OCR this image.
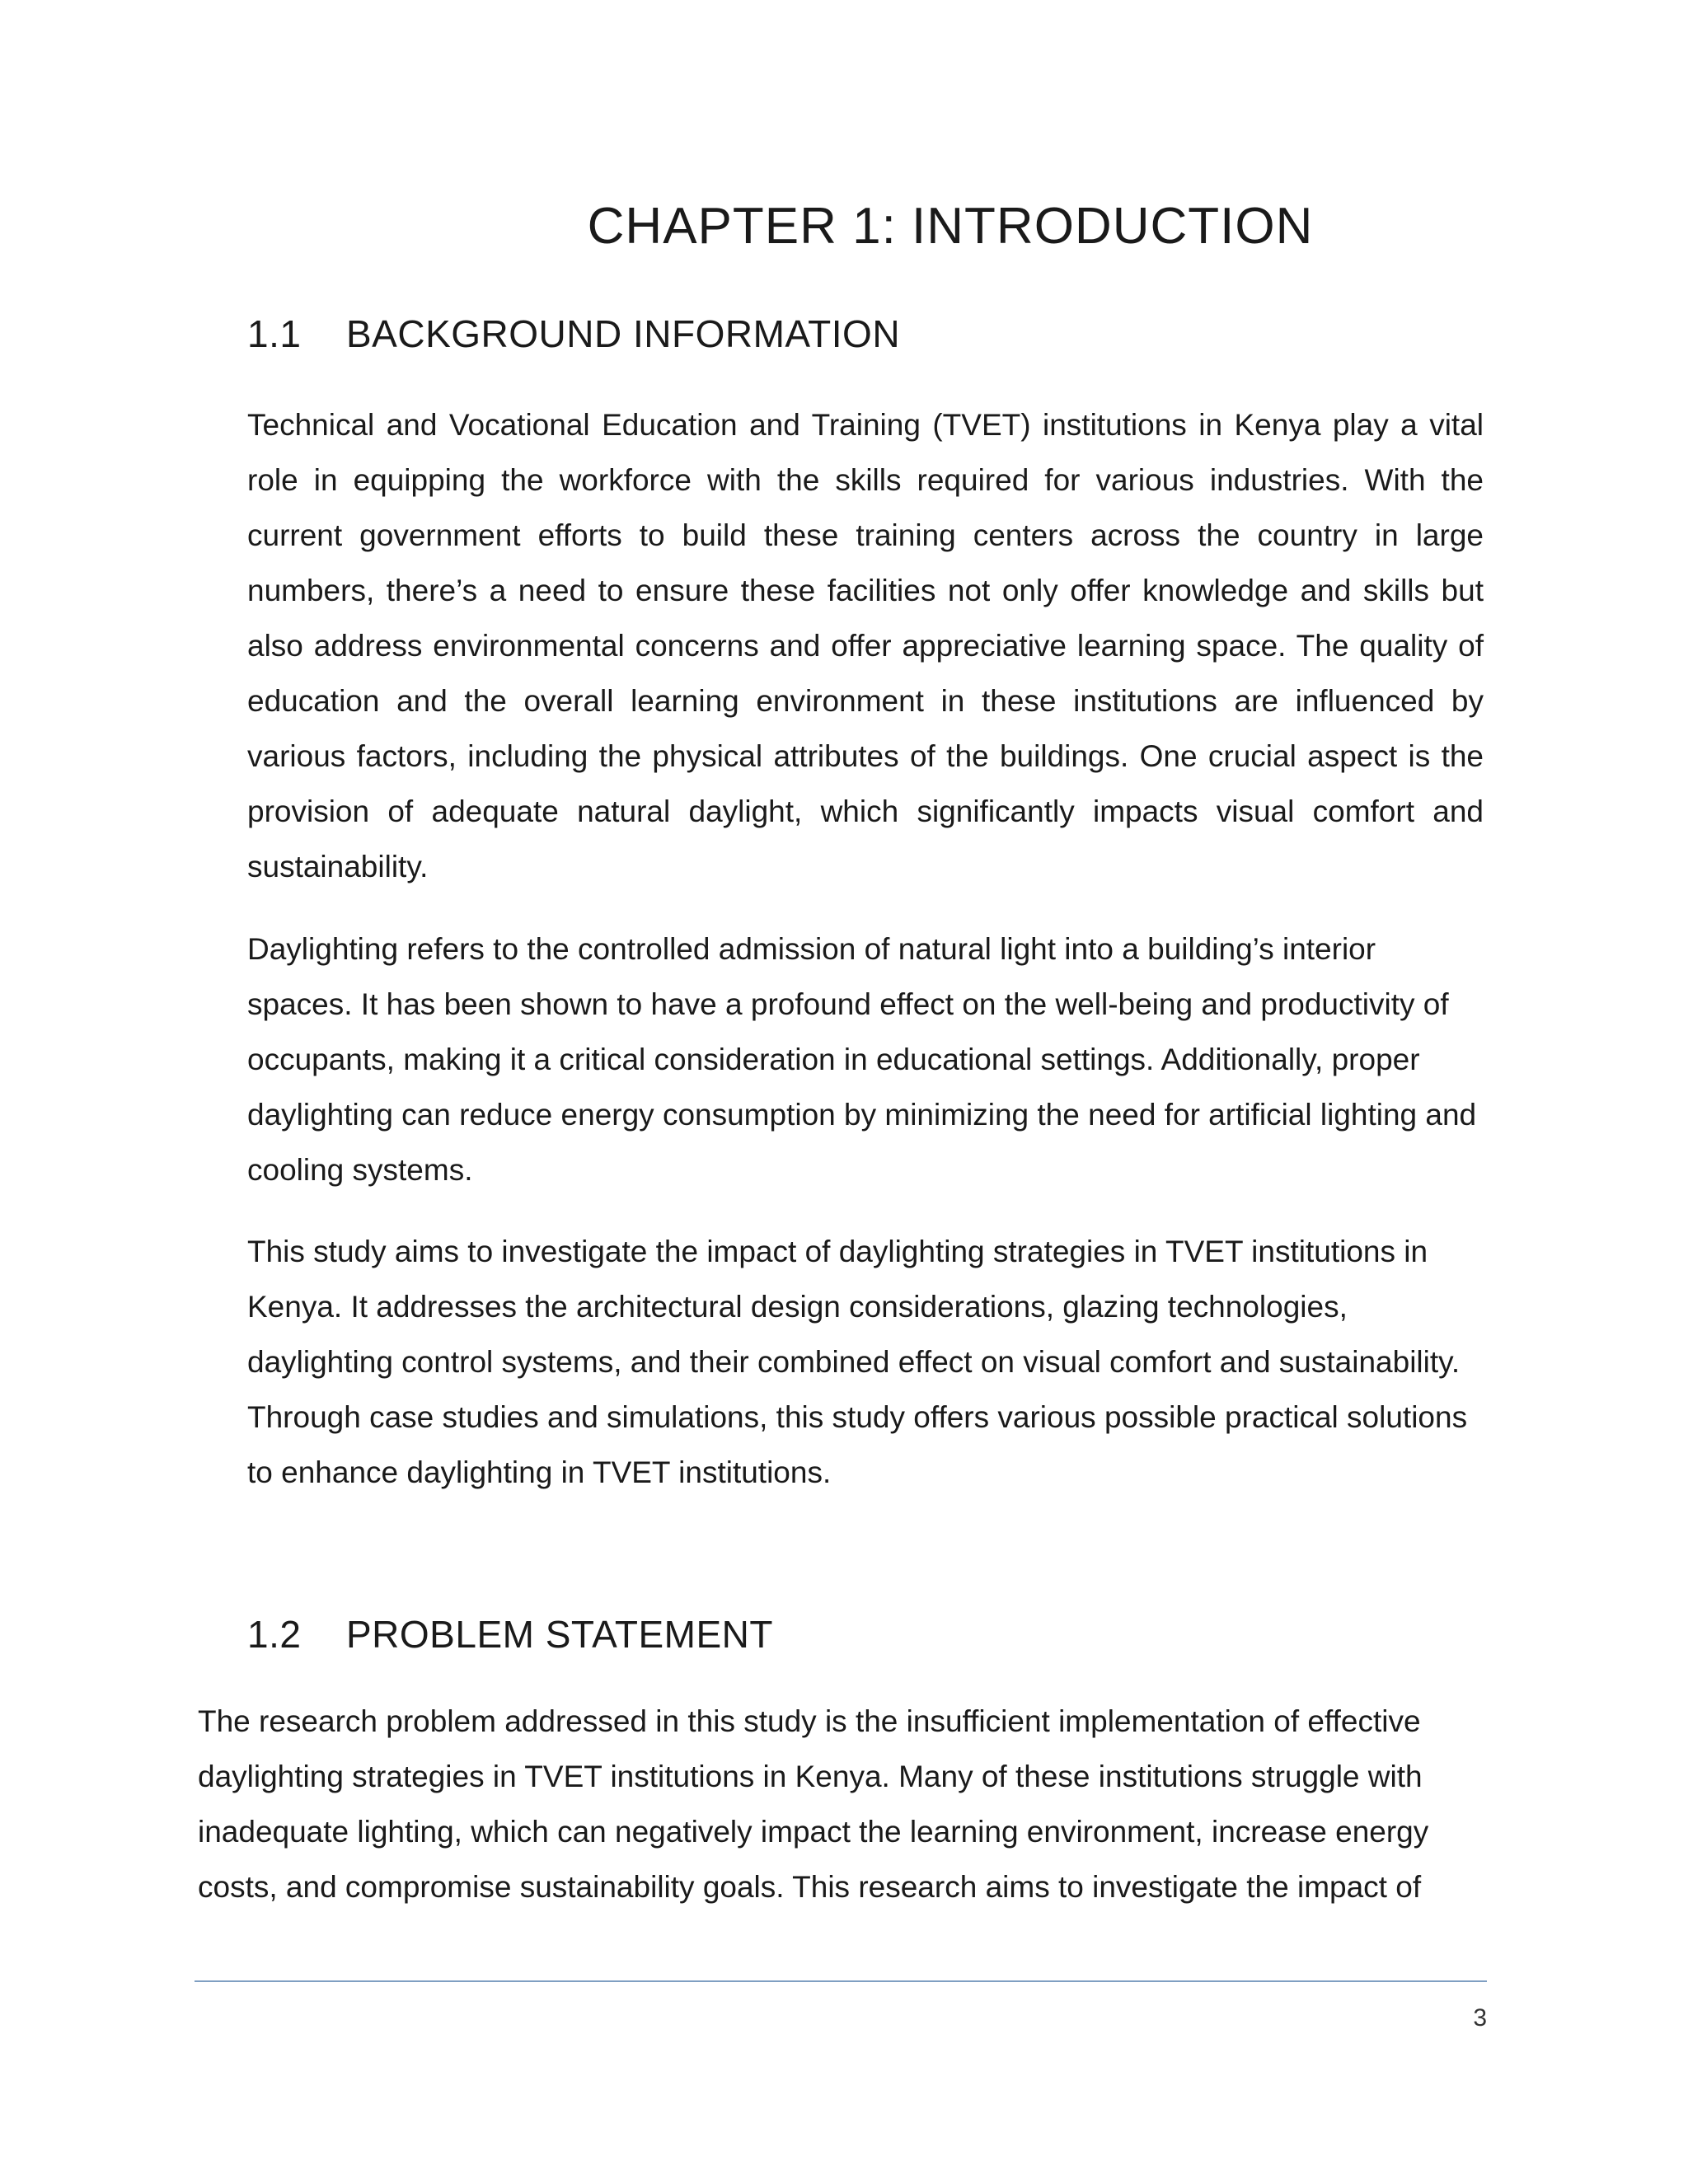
CHAPTER 1: INTRODUCTION
1.1 BACKGROUND INFORMATION

Technical and Vocational Education and Training (TVET) institutions in Kenya play a vital role in equipping the workforce with the skills required for various industries. With the current government efforts to build these training centers across the country in large numbers, there’s a need to ensure these facilities not only offer knowledge and skills but also address environmental concerns and offer appreciative learning space. The quality of education and the overall learning environment in these institutions are influenced by various factors, including the physical attributes of the buildings. One crucial aspect is the provision of adequate natural daylight, which significantly impacts visual comfort and sustainability.

Daylighting refers to the controlled admission of natural light into a building’s interior spaces. It has been shown to have a profound effect on the well-being and productivity of occupants, making it a critical consideration in educational settings. Additionally, proper daylighting can reduce energy consumption by minimizing the need for artificial lighting and cooling systems.

This study aims to investigate the impact of daylighting strategies in TVET institutions in Kenya. It addresses the architectural design considerations, glazing technologies, daylighting control systems, and their combined effect on visual comfort and sustainability. Through case studies and simulations, this study offers various possible practical solutions to enhance daylighting in TVET institutions.

1.2 PROBLEM STATEMENT

The research problem addressed in this study is the insufficient implementation of effective daylighting strategies in TVET institutions in Kenya. Many of these institutions struggle with inadequate lighting, which can negatively impact the learning environment, increase energy costs, and compromise sustainability goals. This research aims to investigate the impact of

3
